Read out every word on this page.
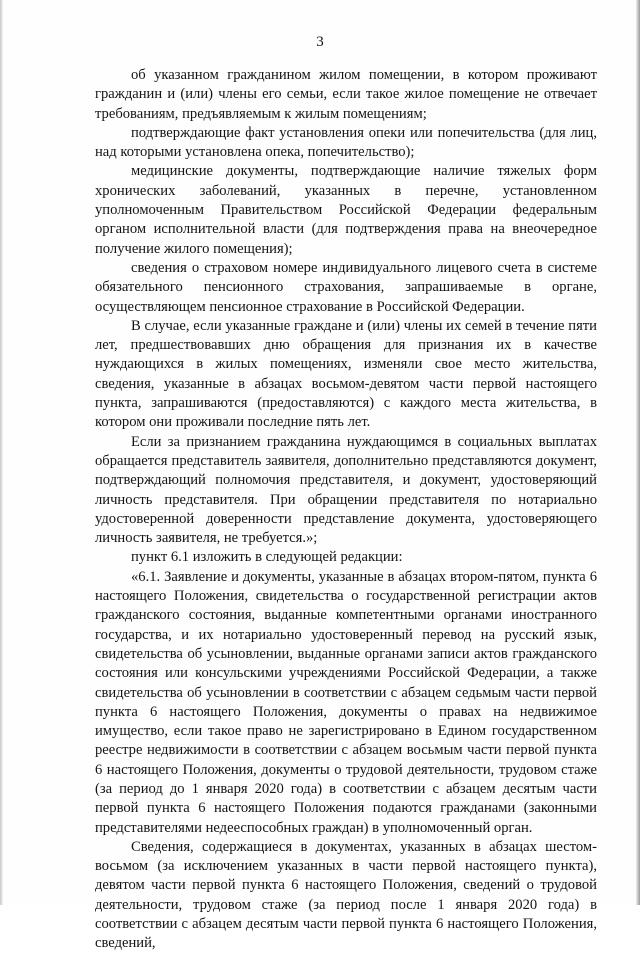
3

об указанном гражданином жилом помещении, в котором проживают гражданин и (или) члены его семьи, если такое жилое помещение не отвечает требованиям, предъявляемым к жилым помещениям;

подтверждающие факт установления опеки или попечительства (для лиц, над которыми установлена опека, попечительство);

медицинские документы, подтверждающие наличие тяжелых форм хронических заболеваний, указанных в перечне, установленном уполномоченным Правительством Российской Федерации федеральным органом исполнительной власти (для подтверждения права на внеочередное получение жилого помещения);

сведения о страховом номере индивидуального лицевого счета в системе обязательного пенсионного страхования, запрашиваемые в органе, осуществляющем пенсионное страхование в Российской Федерации.

В случае, если указанные граждане и (или) члены их семей в течение пяти лет, предшествовавших дню обращения для признания их в качестве нуждающихся в жилых помещениях, изменяли свое место жительства, сведения, указанные в абзацах восьмом-девятом части первой настоящего пункта, запрашиваются (предоставляются) с каждого места жительства, в котором они проживали последние пять лет.

Если за признанием гражданина нуждающимся в социальных выплатах обращается представитель заявителя, дополнительно представляются документ, подтверждающий полномочия представителя, и документ, удостоверяющий личность представителя. При обращении представителя по нотариально удостоверенной доверенности представление документа, удостоверяющего личность заявителя, не требуется.»;

пункт 6.1 изложить в следующей редакции:

«6.1. Заявление и документы, указанные в абзацах втором-пятом, пункта 6 настоящего Положения, свидетельства о государственной регистрации актов гражданского состояния, выданные компетентными органами иностранного государства, и их нотариально удостоверенный перевод на русский язык, свидетельства об усыновлении, выданные органами записи актов гражданского состояния или консульскими учреждениями Российской Федерации, а также свидетельства об усыновлении в соответствии с абзацем седьмым части первой пункта 6 настоящего Положения, документы о правах на недвижимое имущество, если такое право не зарегистрировано в Едином государственном реестре недвижимости в соответствии с абзацем восьмым части первой пункта 6 настоящего Положения, документы о трудовой деятельности, трудовом стаже (за период до 1 января 2020 года) в соответствии с абзацем десятым части первой пункта 6 настоящего Положения подаются гражданами (законными представителями недееспособных граждан) в уполномоченный орган.

Сведения, содержащиеся в документах, указанных в абзацах шестом-восьмом (за исключением указанных в части первой настоящего пункта), девятом части первой пункта 6 настоящего Положения, сведений о трудовой деятельности, трудовом стаже (за период после 1 января 2020 года) в соответствии с абзацем десятым части первой пункта 6 настоящего Положения, сведений,
